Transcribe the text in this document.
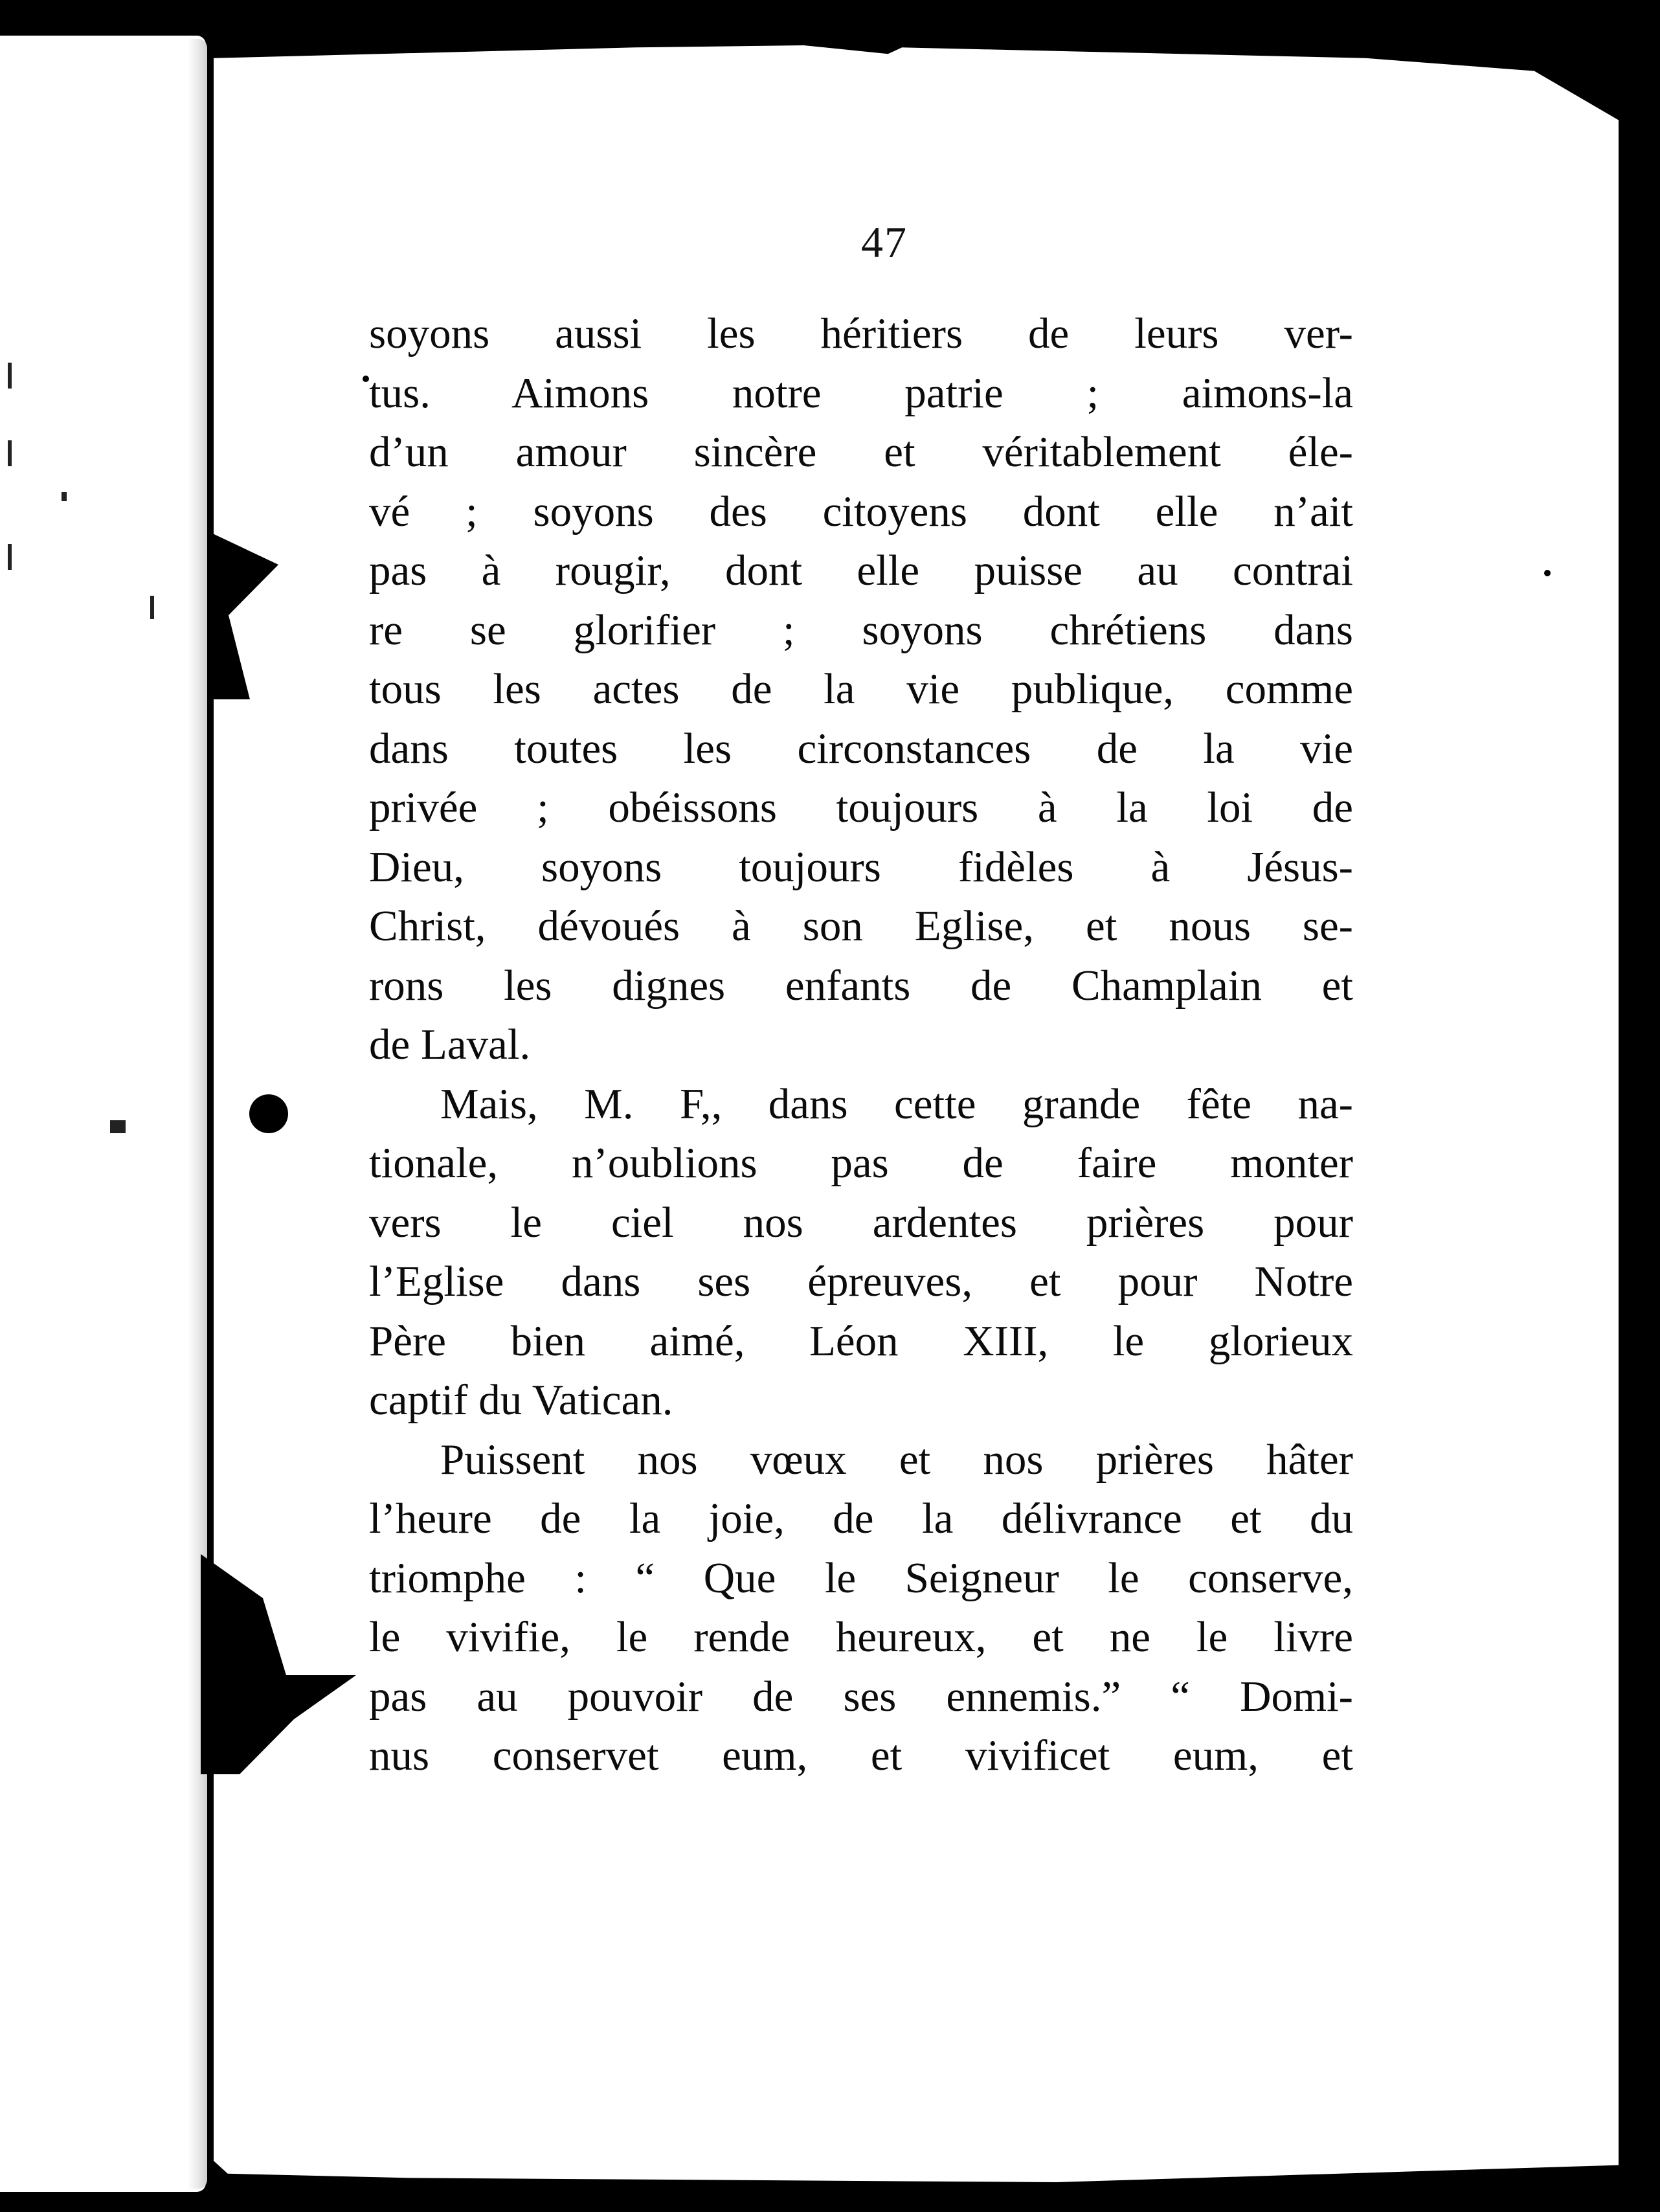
47
soyons aussi les héritiers de leurs ver-
tus. Aimons notre patrie ; aimons-la
d’un amour sincère et véritablement éle-
vé ; soyons des citoyens dont elle n’ait
pas à rougir, dont elle puisse au contrai
re se glorifier ; soyons chrétiens dans
tous les actes de la vie publique, comme
dans toutes les circonstances de la vie
privée ; obéissons toujours à la loi de
Dieu, soyons toujours fidèles à Jésus-
Christ, dévoués à son Eglise, et nous se-
rons les dignes enfants de Champlain et
de Laval.
Mais, M. F,, dans cette grande fête na-
tionale, n’oublions pas de faire monter
vers le ciel nos ardentes prières pour
l’Eglise dans ses épreuves, et pour Notre
Père bien aimé, Léon XIII, le glorieux
captif du Vatican.
Puissent nos vœux et nos prières hâter
l’heure de la joie, de la délivrance et du
triomphe : “ Que le Seigneur le conserve,
le vivifie, le rende heureux, et ne le livre
pas au pouvoir de ses ennemis.” “ Domi-
nus conservet eum, et vivificet eum, et
